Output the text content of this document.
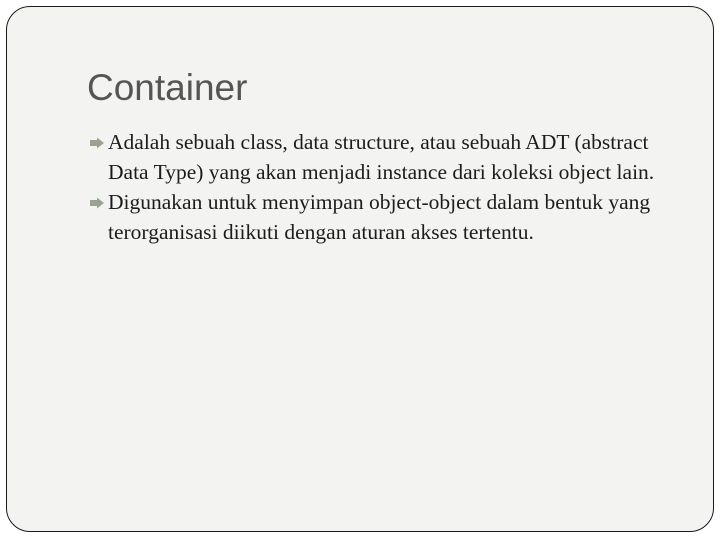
Container
Adalah sebuah class, data structure, atau sebuah ADT (abstract Data Type) yang akan menjadi instance dari koleksi object lain.
Digunakan untuk menyimpan object-object dalam bentuk yang terorganisasi diikuti dengan aturan akses tertentu.
